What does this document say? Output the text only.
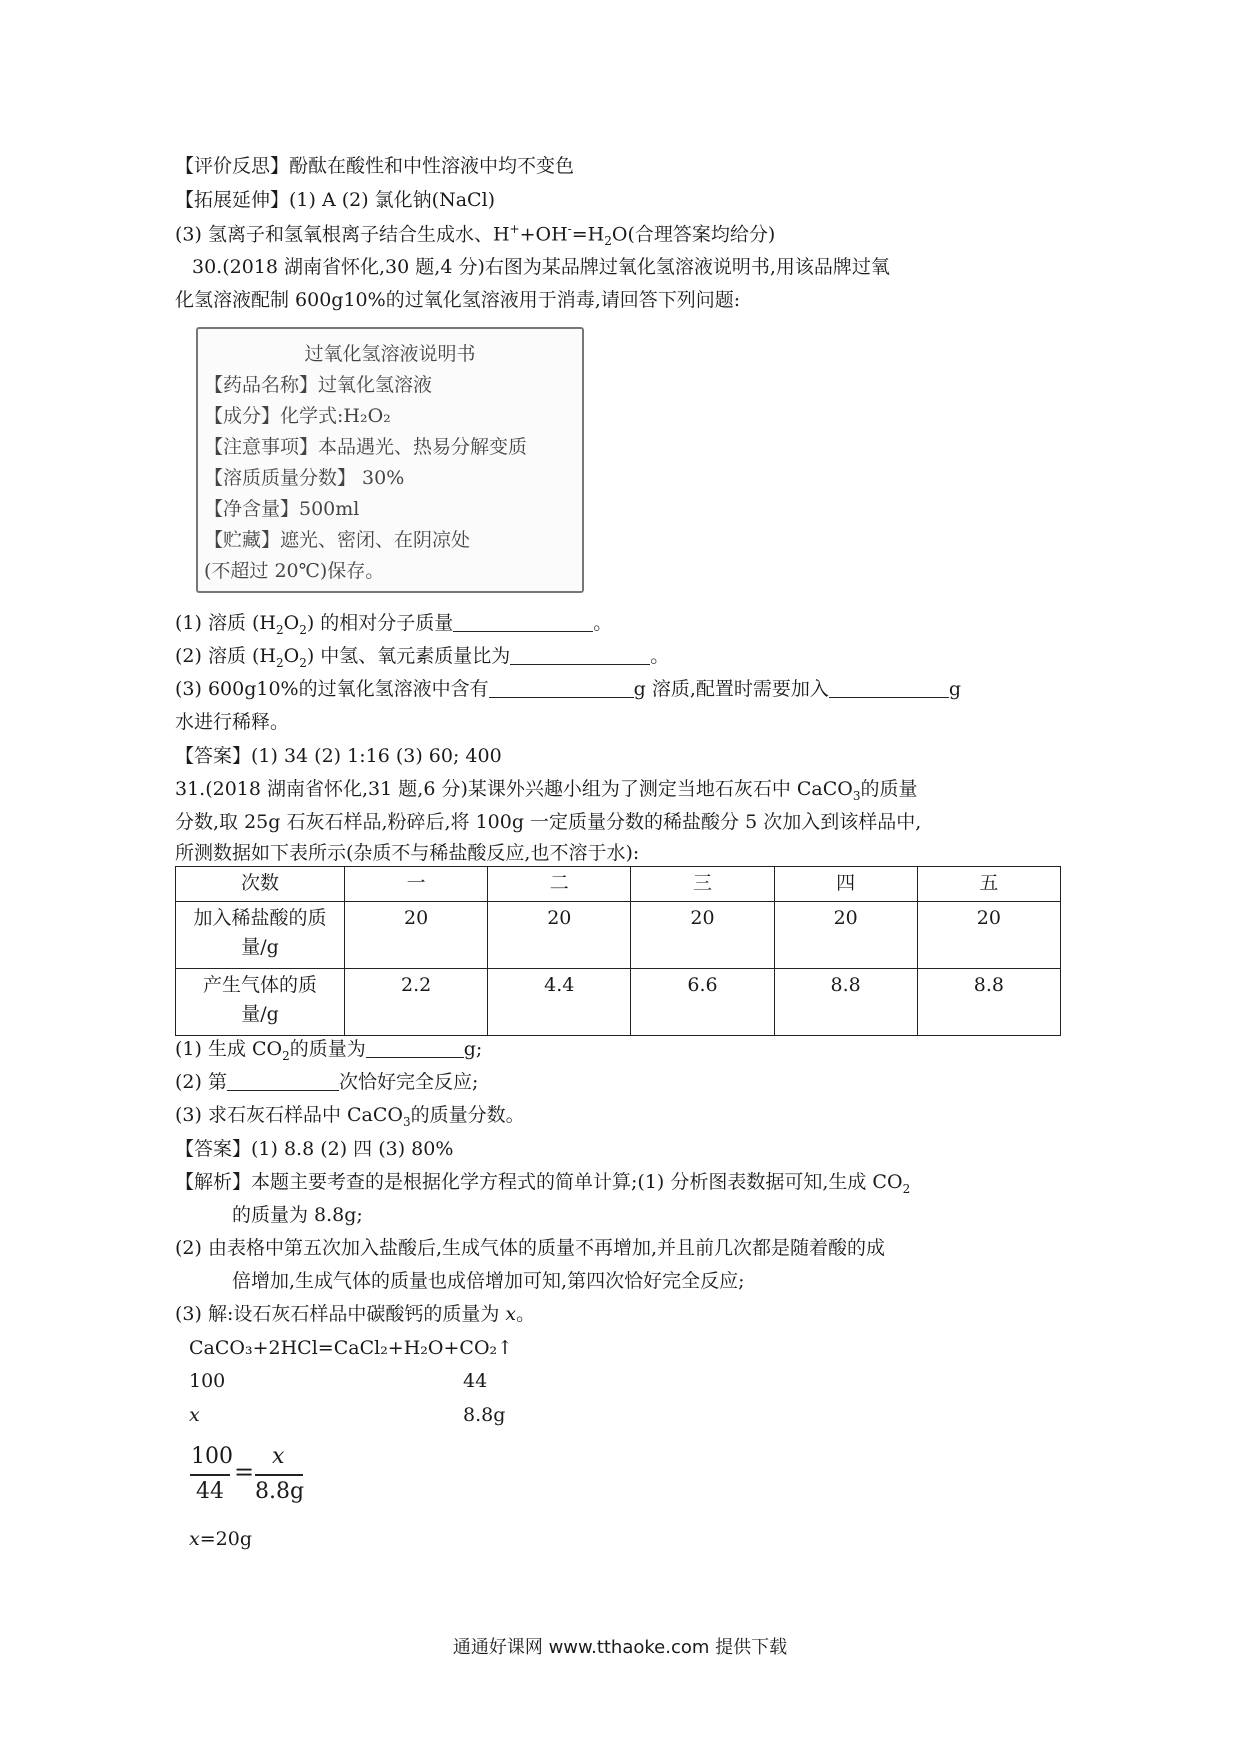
【评价反思】酚酞在酸性和中性溶液中均不变色
【拓展延伸】(1) A (2) 氯化钠(NaCl)
(3) 氢离子和氢氧根离子结合生成水、$H^++OH^-=H_2O$(合理答案均给分)
30.(2018 湖南省怀化,30 题,4 分)右图为某品牌过氧化氢溶液说明书,用该品牌过氧
化氢溶液配制 600g10%的过氧化氢溶液用于消毒,请回答下列问题:
过氧化氢溶液说明书
【药品名称】过氧化氢溶液
【成分】化学式:H₂O₂
【注意事项】本品遇光、热易分解变质
【溶质质量分数】 30%
【净含量】500ml
【贮藏】遮光、密闭、在阴凉处
(不超过 20℃)保存。
(1) 溶质 $(H_2O_2)$ 的相对分子质量	。
(2) 溶质 $(H_2O_2)$ 中氢、氧元素质量比为	。
(3) 600g10%的过氧化氢溶液中含有	g 溶质,配置时需要加入	g
水进行稀释。
【答案】(1) 34 (2) 1:16 (3) 60; 400
31.(2018 湖南省怀化,31 题,6 分)某课外兴趣小组为了测定当地石灰石中 CaCO$_3$的质量
分数,取 25g 石灰石样品,粉碎后,将 100g 一定质量分数的稀盐酸分 5 次加入到该样品中,
所测数据如下表所示(杂质不与稀盐酸反应,也不溶于水):
次数	一	二	三	四	五
加入稀盐酸的质量/g	20	20	20	20	20
产生气体的质量/g	2.2	4.4	6.6	8.8	8.8
(1) 生成 $CO_2$的质量为	g;
(2) 第	次恰好完全反应;
(3) 求石灰石样品中 CaCO$_3$的质量分数。
【答案】(1) 8.8 (2) 四 (3) 80%
【解析】本题主要考查的是根据化学方程式的简单计算;(1) 分析图表数据可知,生成 $CO_2$
的质量为 8.8g;
(2) 由表格中第五次加入盐酸后,生成气体的质量不再增加,并且前几次都是随着酸的成
倍增加,生成气体的质量也成倍增加可知,第四次恰好完全反应;
(3) 解:设石灰石样品中碳酸钙的质量为 x。
CaCO₃+2HCl=CaCl₂+H₂O+CO₂↑
100	44
x	8.8g
100
44
=
x
8.8g
x=20g
通通好课网 www.tthaoke.com 提供下载
